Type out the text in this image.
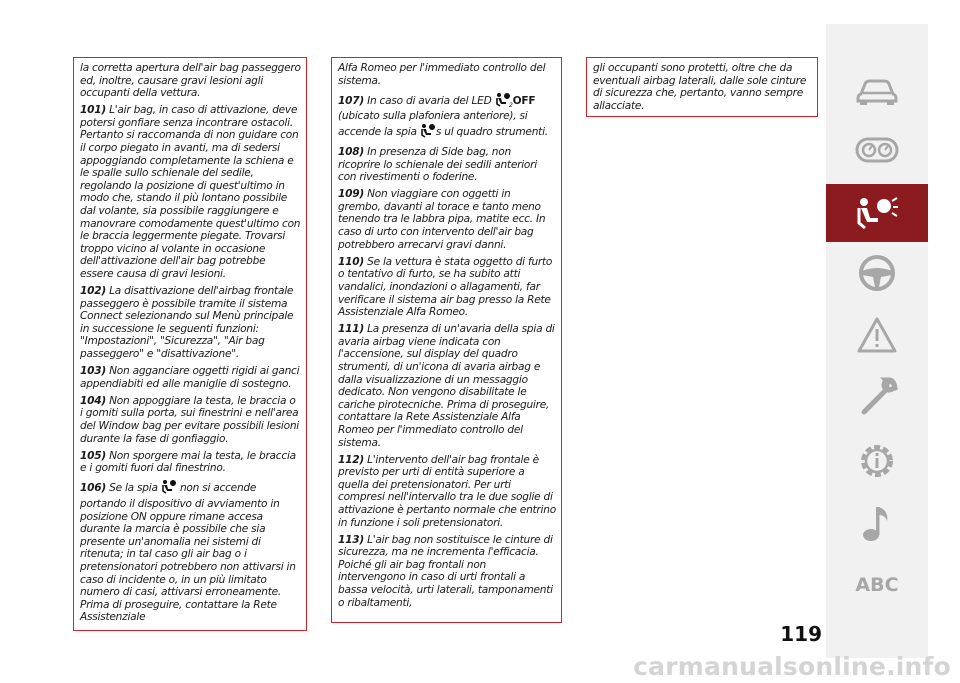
la corretta apertura dell'air bag passeggero ed, inoltre, causare gravi lesioni agli occupanti della vettura.

101) L'air bag, in caso di attivazione, deve potersi gonfiare senza incontrare ostacoli. Pertanto si raccomanda di non guidare con il corpo piegato in avanti, ma di sedersi appoggiando completamente la schiena e le spalle sullo schienale del sedile, regolando la posizione di quest'ultimo in modo che, stando il più lontano possibile dal volante, sia possibile raggiungere e manovrare comodamente quest'ultimo con le braccia leggermente piegate. Trovarsi troppo vicino al volante in occasione dell'attivazione dell'air bag potrebbe essere causa di gravi lesioni.

102) La disattivazione dell'airbag frontale passeggero è possibile tramite il sistema Connect selezionando sul Menù principale in successione le seguenti funzioni: "Impostazioni", "Sicurezza", "Air bag passeggero" e "disattivazione".

103) Non agganciare oggetti rigidi ai ganci appendiabiti ed alle maniglie di sostegno.

104) Non appoggiare la testa, le braccia o i gomiti sulla porta, sui finestrini e nell'area del Window bag per evitare possibili lesioni durante la fase di gonfiaggio.

105) Non sporgere mai la testa, le braccia e i gomiti fuori dal finestrino.

106) Se la spia non si accende portando il dispositivo di avviamento in posizione ON oppure rimane accesa durante la marcia è possibile che sia presente un'anomalia nei sistemi di ritenuta; in tal caso gli air bag o i pretensionatori potrebbero non attivarsi in caso di incidente o, in un più limitato numero di casi, attivarsi erroneamente. Prima di proseguire, contattare la Rete Assistenziale

Alfa Romeo per l'immediato controllo del sistema.

107) In caso di avaria del LED	2 OFF (ubicato sulla plafoniera anteriore), si accende la spia s ul quadro strumenti.

108) In presenza di Side bag, non ricoprire lo schienale dei sedili anteriori con rivestimenti o foderine.

109) Non viaggiare con oggetti in grembo, davanti al torace e tanto meno tenendo tra le labbra pipa, matite ecc. In caso di urto con intervento dell'air bag potrebbero arrecarvi gravi danni.

110) Se la vettura è stata oggetto di furto o tentativo di furto, se ha subito atti vandalici, inondazioni o allagamenti, far verificare il sistema air bag presso la Rete Assistenziale Alfa Romeo.

111) La presenza di un'avaria della spia di avaria airbag viene indicata con l'accensione, sul display del quadro strumenti, di un'icona di avaria airbag e dalla visualizzazione di un messaggio dedicato. Non vengono disabilitate le cariche pirotecniche. Prima di proseguire, contattare la Rete Assistenziale Alfa Romeo per l'immediato controllo del sistema.

112) L'intervento dell'air bag frontale è previsto per urti di entità superiore a quella dei pretensionatori. Per urti compresi nell'intervallo tra le due soglie di attivazione è pertanto normale che entrino in funzione i soli pretensionatori.

113) L'air bag non sostituisce le cinture di sicurezza, ma ne incrementa l'efficacia. Poiché gli air bag frontali non intervengono in caso di urti frontali a bassa velocità, urti laterali, tamponamenti o ribaltamenti,

gli occupanti sono protetti, oltre che da eventuali airbag laterali, dalle sole cinture di sicurezza che, pertanto, vanno sempre allacciate.

ABC
119
carmanualsonline.info
